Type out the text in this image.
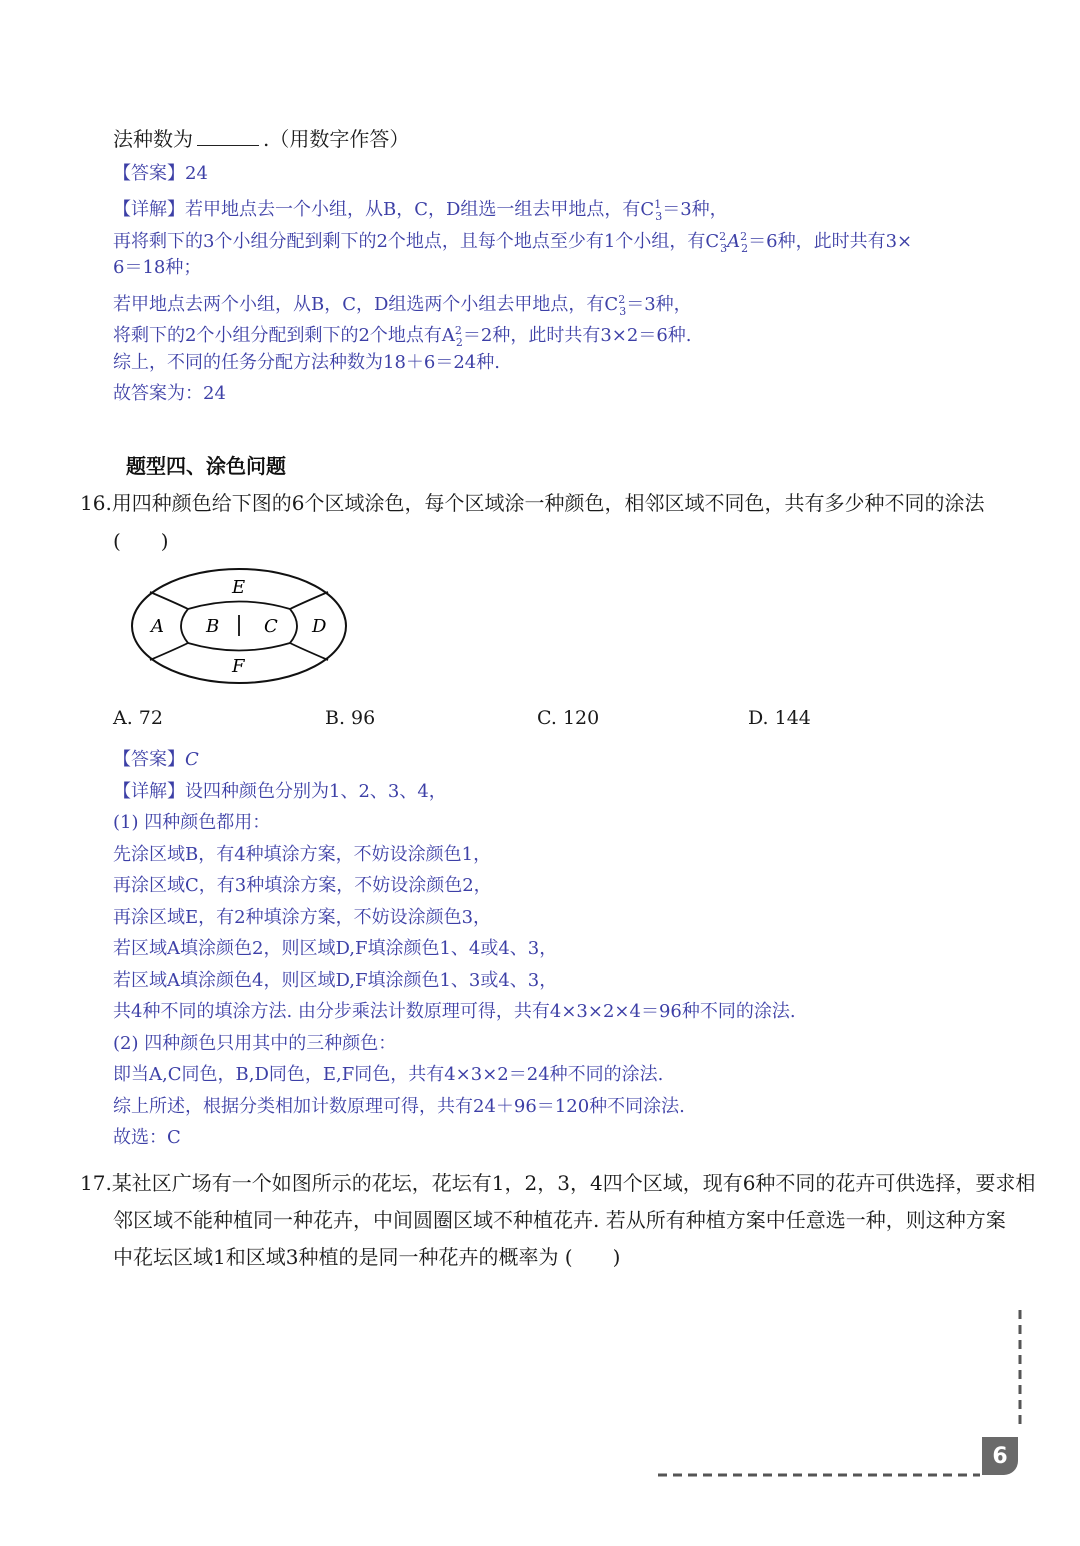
法种数为	.（用数字作答）
【答案】24
【详解】若甲地点去一个小组，从B，C，D组选一组去甲地点，有$C^1_3=3$种，
再将剩下的3个小组分配到剩下的2个地点，且每个地点至少有1个小组，有$C^2_3A^2_2=6$种，此时共有3×
6＝18种；
若甲地点去两个小组，从B，C，D组选两个小组去甲地点，有$C^2_3=3$种，
将剩下的2个小组分配到剩下的2个地点有$A^2_2=2$种，此时共有3×2＝6种.
综上，不同的任务分配方法种数为18＋6＝24种.
故答案为：24
题型四、涂色问题
16.用四种颜色给下图的6个区域涂色，每个区域涂一种颜色，相邻区域不同色，共有多少种不同的涂法
(　　)
E
A B C D
F
A. 72	B. 96	C. 120	D. 144
【答案】C
【详解】设四种颜色分别为1、2、3、4，
(1) 四种颜色都用：
先涂区域B，有4种填涂方案，不妨设涂颜色1，
再涂区域C，有3种填涂方案，不妨设涂颜色2，
再涂区域E，有2种填涂方案，不妨设涂颜色3，
若区域A填涂颜色2，则区域D,F填涂颜色1、4或4、3，
若区域A填涂颜色4，则区域D,F填涂颜色1、3或4、3，
共4种不同的填涂方法. 由分步乘法计数原理可得，共有4×3×2×4＝96种不同的涂法.
(2) 四种颜色只用其中的三种颜色：
即当A,C同色，B,D同色，E,F同色，共有4×3×2＝24种不同的涂法.
综上所述，根据分类相加计数原理可得，共有24＋96＝120种不同涂法.
故选：C
17.某社区广场有一个如图所示的花坛，花坛有1，2，3，4四个区域，现有6种不同的花卉可供选择，要求相
邻区域不能种植同一种花卉，中间圆圈区域不种植花卉. 若从所有种植方案中任意选一种，则这种方案
中花坛区域1和区域3种植的是同一种花卉的概率为 (　　)
6
